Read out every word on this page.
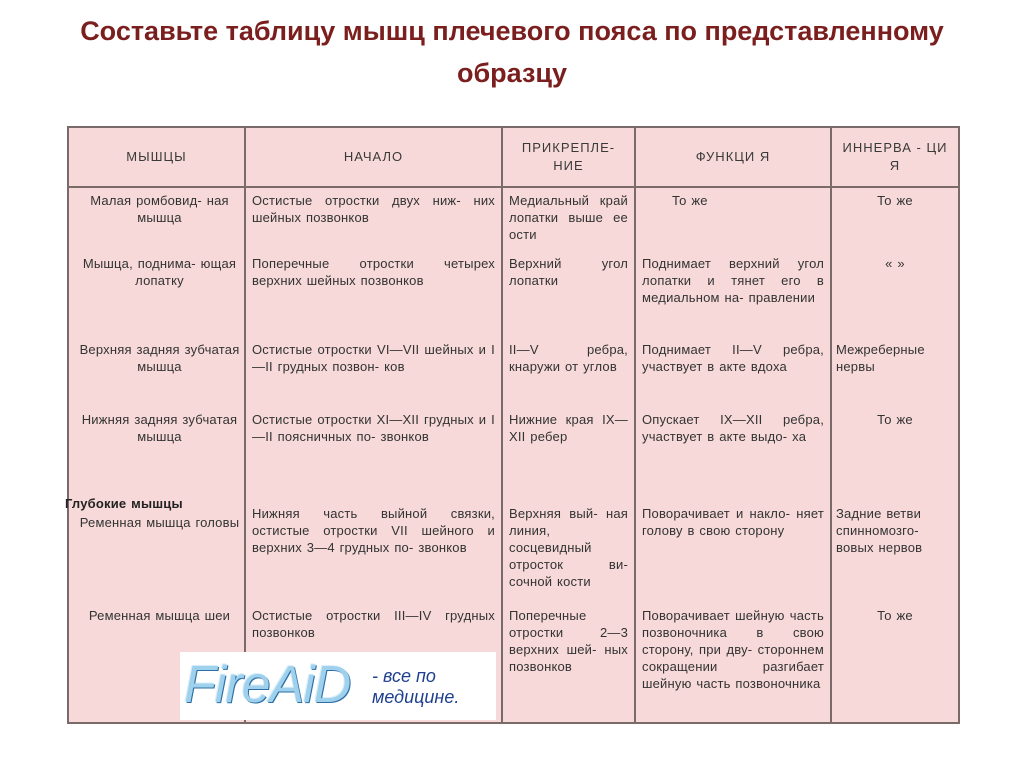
Составьте таблицу мышц плечевого пояса по представленному образцу
МЫШЦЫ	НАЧАЛО	ПРИКРЕПЛЕ- НИЕ	ФУНКЦИ Я	ИННЕРВА - ЦИ Я
Малая ромбовид- ная мышца	Остистые отростки двух ниж- них шейных позвонков	Медиальный край лопатки выше ее ости	То же	То же
Мышца, поднима- ющая лопатку	Поперечные отростки четырех верхних шейных позвонков	Верхний угол лопатки	Поднимает верхний угол лопатки и тянет его в медиальном на- правлении	« »
Верхняя задняя зубчатая мышца	Остистые отростки VI—VII шейных и I—II грудных позвон- ков	II—V ребра, кнаружи от углов	Поднимает II—V ребра, участвует в акте вдоха	Межреберные нервы
Нижняя задняя зубчатая мышца	Остистые отростки XI—XII грудных и I—II поясничных по- звонков	Нижние края IX—XII ребер	Опускает IX—XII ребра, участвует в акте выдо- ха	То же

Глубокие мышцы
Ременная мышца головы	Нижняя часть выйной связки, остистые отростки VII шейного и верхних 3—4 грудных по- звонков	Верхняя вый- ная линия, сосцевидный отросток ви- сочной кости	Поворачивает и накло- няет голову в свою сторону	Задние ветви спинномозго- вовых нервов
Ременная мышца шеи	Остистые отростки III—IV грудных позвонков	Поперечные отростки 2—3 верхних шей- ных позвонков	Поворачивает шейную часть позвоночника в свою сторону, при дву- стороннем сокращении разгибает шейную часть позвоночника	То же
FireAiD - все по медицине.
